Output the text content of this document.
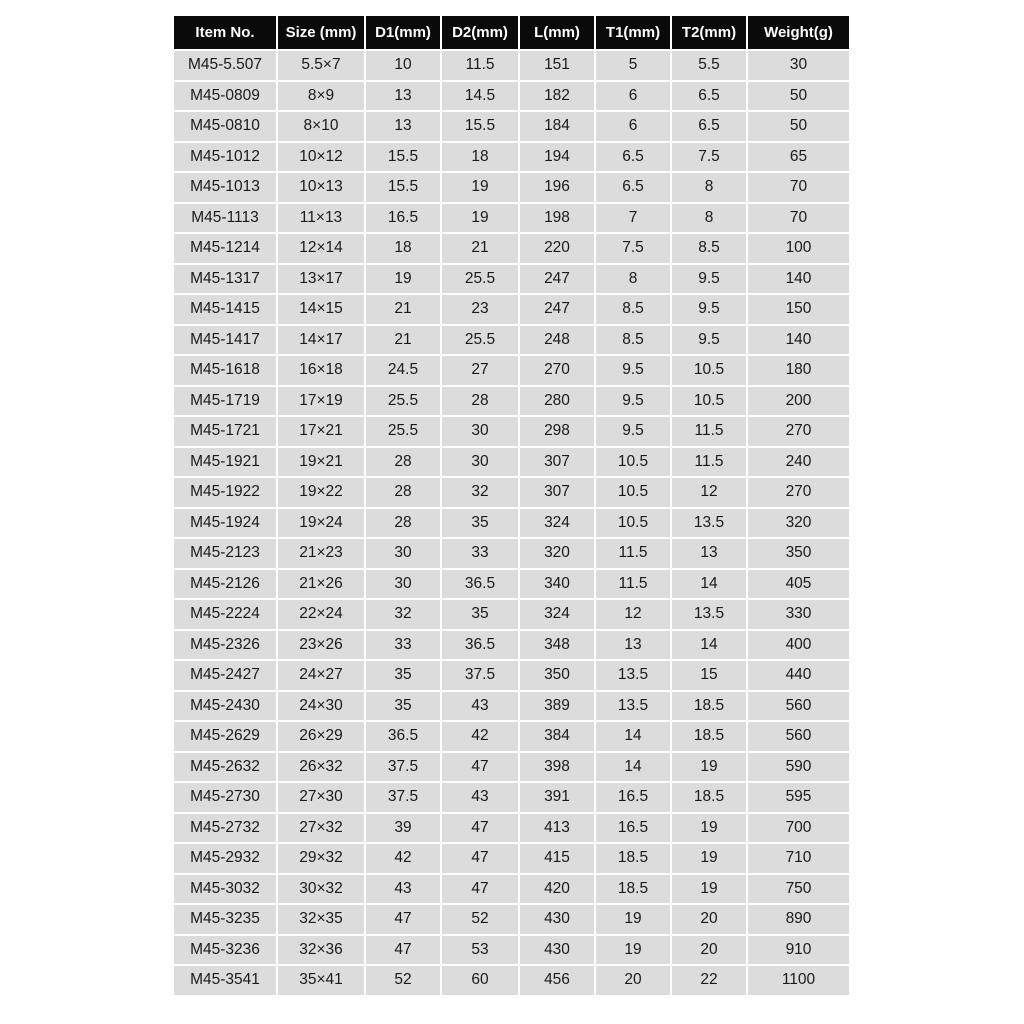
Item No.	Size (mm)	D1(mm)	D2(mm)	L(mm)	T1(mm)	T2(mm)	Weight(g)
M45-5.507	5.5×7	10	11.5	151	5	5.5	30
M45-0809	8×9	13	14.5	182	6	6.5	50
M45-0810	8×10	13	15.5	184	6	6.5	50
M45-1012	10×12	15.5	18	194	6.5	7.5	65
M45-1013	10×13	15.5	19	196	6.5	8	70
M45-1113	11×13	16.5	19	198	7	8	70
M45-1214	12×14	18	21	220	7.5	8.5	100
M45-1317	13×17	19	25.5	247	8	9.5	140
M45-1415	14×15	21	23	247	8.5	9.5	150
M45-1417	14×17	21	25.5	248	8.5	9.5	140
M45-1618	16×18	24.5	27	270	9.5	10.5	180
M45-1719	17×19	25.5	28	280	9.5	10.5	200
M45-1721	17×21	25.5	30	298	9.5	11.5	270
M45-1921	19×21	28	30	307	10.5	11.5	240
M45-1922	19×22	28	32	307	10.5	12	270
M45-1924	19×24	28	35	324	10.5	13.5	320
M45-2123	21×23	30	33	320	11.5	13	350
M45-2126	21×26	30	36.5	340	11.5	14	405
M45-2224	22×24	32	35	324	12	13.5	330
M45-2326	23×26	33	36.5	348	13	14	400
M45-2427	24×27	35	37.5	350	13.5	15	440
M45-2430	24×30	35	43	389	13.5	18.5	560
M45-2629	26×29	36.5	42	384	14	18.5	560
M45-2632	26×32	37.5	47	398	14	19	590
M45-2730	27×30	37.5	43	391	16.5	18.5	595
M45-2732	27×32	39	47	413	16.5	19	700
M45-2932	29×32	42	47	415	18.5	19	710
M45-3032	30×32	43	47	420	18.5	19	750
M45-3235	32×35	47	52	430	19	20	890
M45-3236	32×36	47	53	430	19	20	910
M45-3541	35×41	52	60	456	20	22	1100
